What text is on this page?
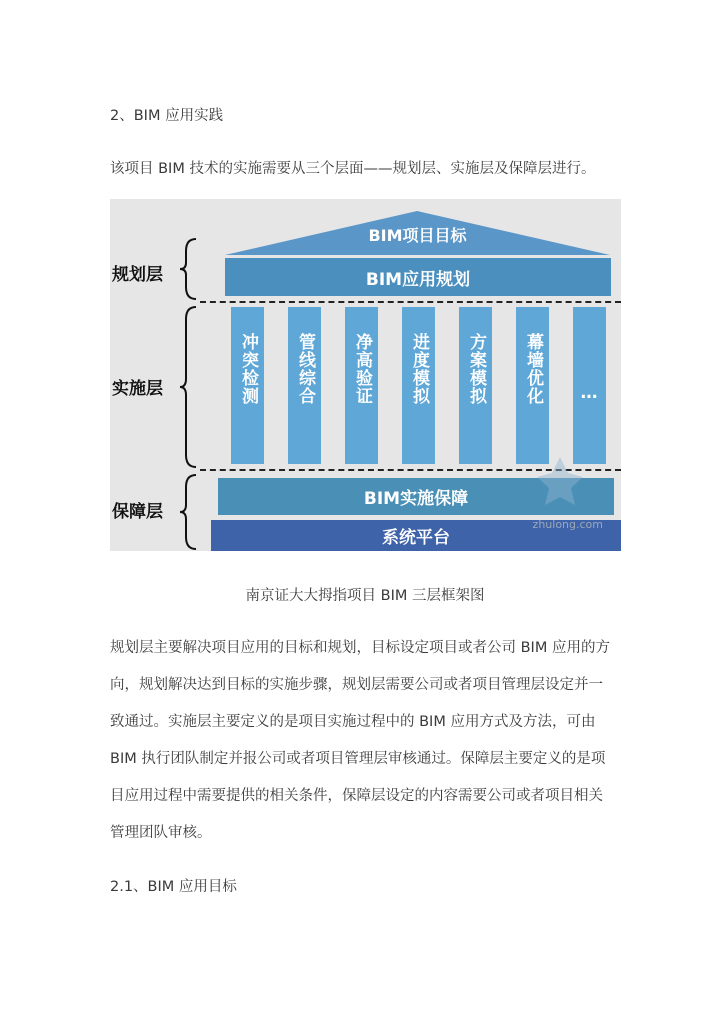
2、BIM 应用实践
该项目 BIM 技术的实施需要从三个层面——规划层、实施层及保障层进行。
BIM项目目标
BIM应用规划
冲突检测	管线综合	净高验证	进度模拟	方案模拟	幕墙优化	…
BIM实施保障
系统平台
规划层
实施层
保障层
zhulong.com
南京证大大拇指项目 BIM 三层框架图
规划层主要解决项目应用的目标和规划，目标设定项目或者公司 BIM 应用的方
向，规划解决达到目标的实施步骤，规划层需要公司或者项目管理层设定并一
致通过。实施层主要定义的是项目实施过程中的 BIM 应用方式及方法，可由
BIM 执行团队制定并报公司或者项目管理层审核通过。保障层主要定义的是项
目应用过程中需要提供的相关条件，保障层设定的内容需要公司或者项目相关
管理团队审核。
2.1、BIM 应用目标
